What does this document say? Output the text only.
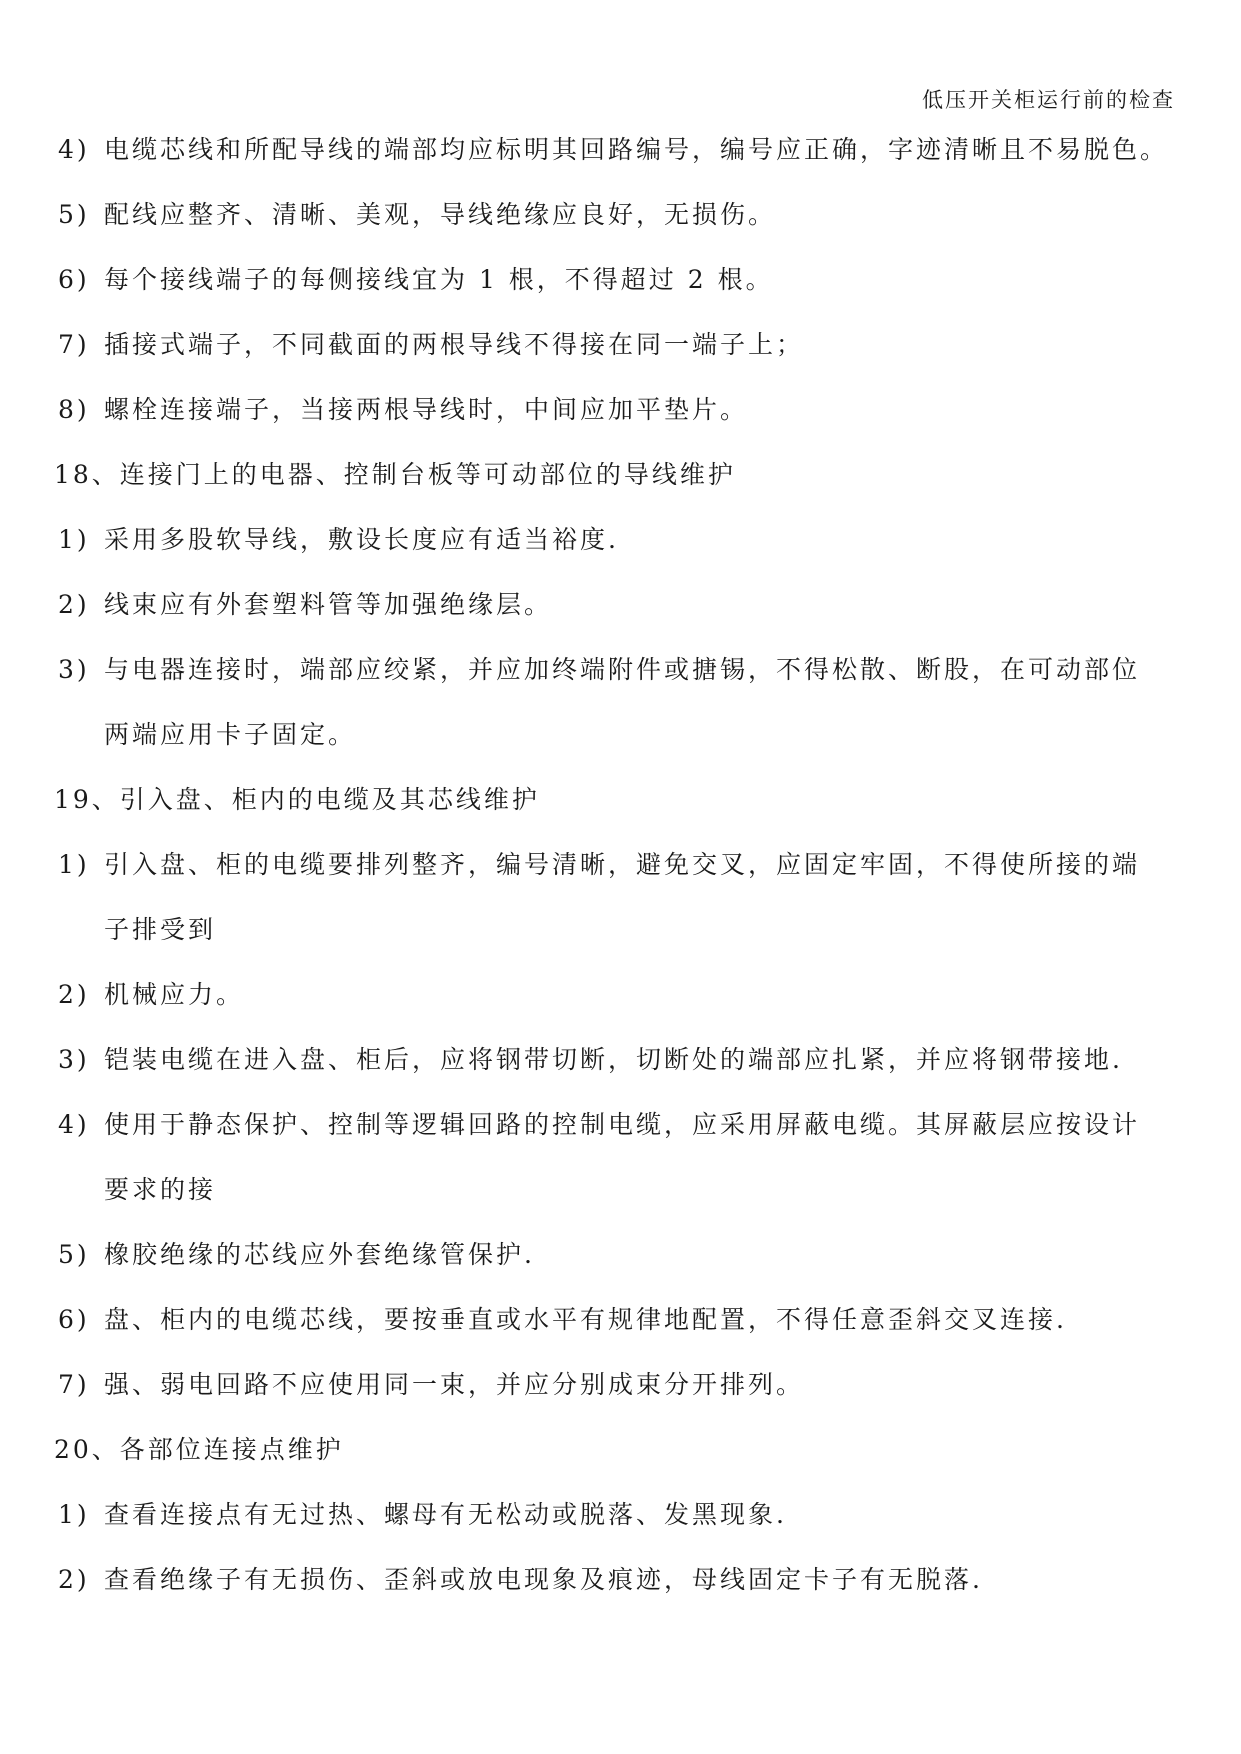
低压开关柜运行前的检查
4) 电缆芯线和所配导线的端部均应标明其回路编号，编号应正确，字迹清晰且不易脱色。
5) 配线应整齐、清晰、美观，导线绝缘应良好，无损伤。
6) 每个接线端子的每侧接线宜为 1 根，不得超过 2 根。
7) 插接式端子，不同截面的两根导线不得接在同一端子上；
8) 螺栓连接端子，当接两根导线时，中间应加平垫片。
18、连接门上的电器、控制台板等可动部位的导线维护
1) 采用多股软导线，敷设长度应有适当裕度.
2) 线束应有外套塑料管等加强绝缘层。
3) 与电器连接时，端部应绞紧，并应加终端附件或搪锡，不得松散、断股，在可动部位
两端应用卡子固定。
19、引入盘、柜内的电缆及其芯线维护
1) 引入盘、柜的电缆要排列整齐，编号清晰，避免交叉，应固定牢固，不得使所接的端
子排受到
2) 机械应力。
3) 铠装电缆在进入盘、柜后，应将钢带切断，切断处的端部应扎紧，并应将钢带接地.
4) 使用于静态保护、控制等逻辑回路的控制电缆，应采用屏蔽电缆。其屏蔽层应按设计
要求的接
5) 橡胶绝缘的芯线应外套绝缘管保护.
6) 盘、柜内的电缆芯线，要按垂直或水平有规律地配置，不得任意歪斜交叉连接.
7) 强、弱电回路不应使用同一束，并应分别成束分开排列。
20、各部位连接点维护
1) 查看连接点有无过热、螺母有无松动或脱落、发黑现象.
2) 查看绝缘子有无损伤、歪斜或放电现象及痕迹，母线固定卡子有无脱落.
